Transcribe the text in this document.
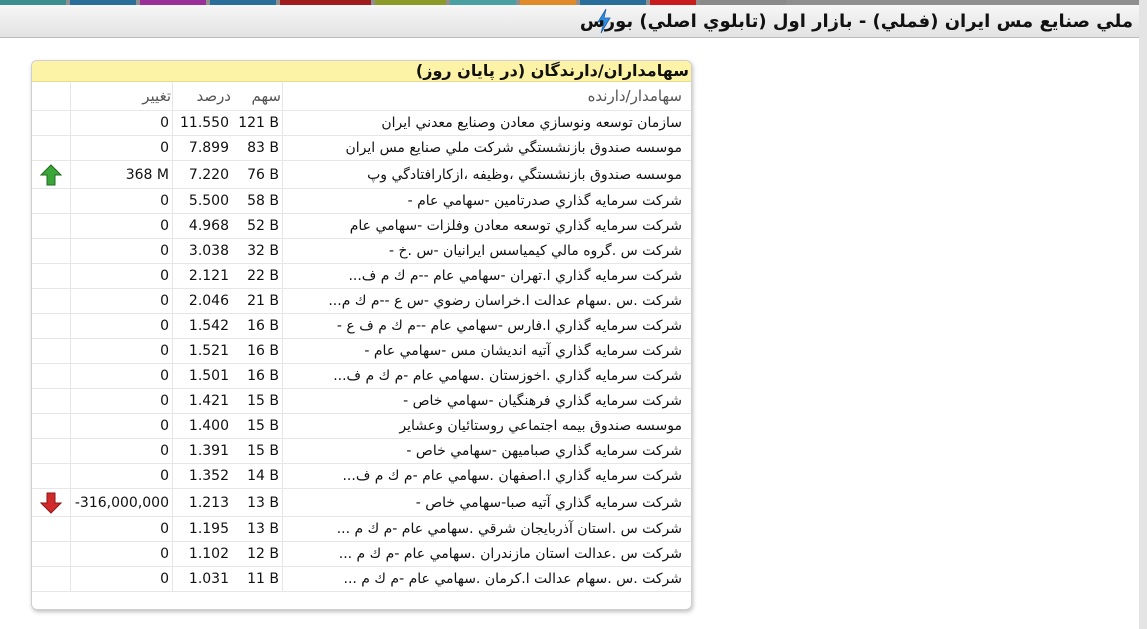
ملي صنايع مس ايران (فملي) - بازار اول (تابلوي اصلي) بورس
سهامداران/دارندگان (در پايان روز)
	تغيير	درصد	سهم	سهامدار/دارنده
	0	11.550	121 B	سازمان توسعه ونوسازي معادن وصنايع معدني ايران
	0	7.899	83 B	موسسه صندوق بازنشستگي شركت ملي صنايع مس ايران
	368 M	7.220	76 B	موسسه صندوق بازنشستگي ،وظيفه ،ازكارافتادگي وپ
	0	5.500	58 B	شركت سرمايه گذاري صدرتامين -سهامي عام -
	0	4.968	52 B	شركت سرمايه گذاري توسعه معادن وفلزات -سهامي عام
	0	3.038	32 B	شركت س .گروه مالي كيمياسس ايرانيان -س .خ -
	0	2.121	22 B	شركت سرمايه گذاري ا.تهران -سهامي عام --م ك م ف...
	0	2.046	21 B	شركت .س .سهام عدالت ا.خراسان رضوي -س ع --م ك م...
	0	1.542	16 B	شركت سرمايه گذاري ا.فارس -سهامي عام --م ك م ف ع -
	0	1.521	16 B	شركت سرمايه گذاري آتيه انديشان مس -سهامي عام -
	0	1.501	16 B	شركت سرمايه گذاري .اخوزستان .سهامي عام -م ك م ف...
	0	1.421	15 B	شركت سرمايه گذاري فرهنگيان -سهامي خاص -
	0	1.400	15 B	موسسه صندوق بيمه اجتماعي روستائيان وعشاير
	0	1.391	15 B	شركت سرمايه گذاري صباميهن -سهامي خاص -
	0	1.352	14 B	شركت سرمايه گذاري ا.اصفهان .سهامي عام -م ك م ف...
	-316,000,000	1.213	13 B	شركت سرمايه گذاري آتيه صبا-سهامي خاص -
	0	1.195	13 B	شركت س .استان آذربايجان شرقي .سهامي عام -م ك م ...
	0	1.102	12 B	شركت س .عدالت استان مازندران .سهامي عام -م ك م ...
	0	1.031	11 B	شركت .س .سهام عدالت ا.كرمان .سهامي عام -م ك م ...
